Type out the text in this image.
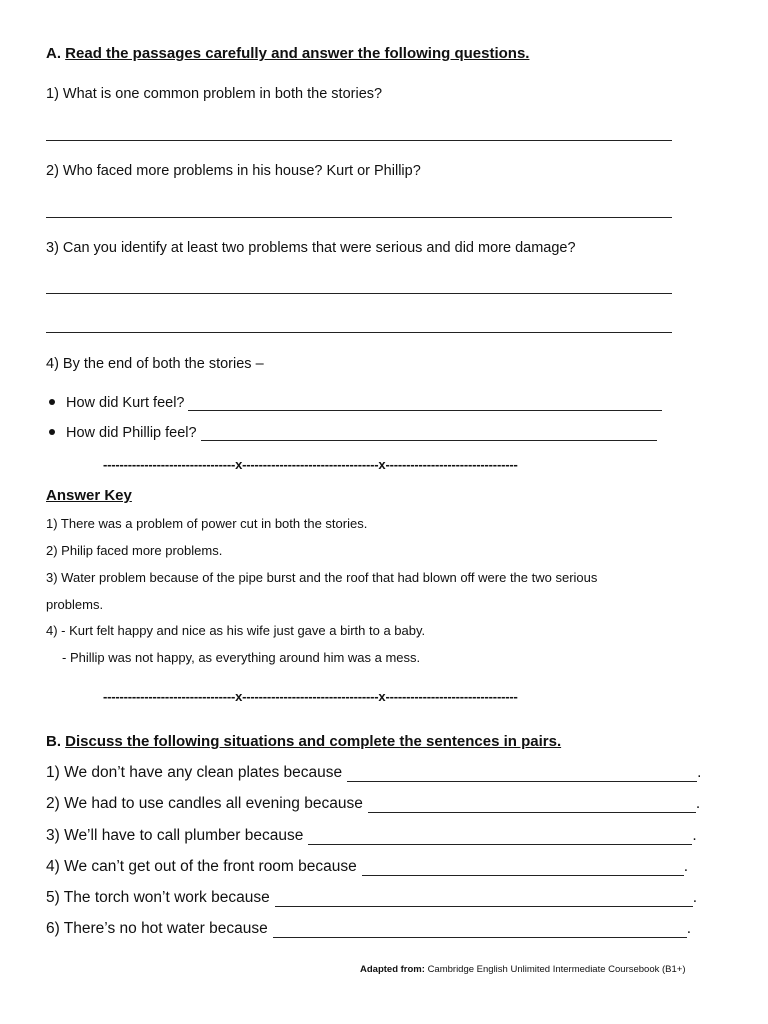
A. Read the passages carefully and answer the following questions.
1) What is one common problem in both the stories?
2) Who faced more problems in his house? Kurt or Phillip?
3) Can you identify at least two problems that were serious and did more damage?
4) By the end of both the stories –
How did Kurt feel?
How did Phillip feel?
--------------------------------x---------------------------------x--------------------------------
Answer Key
1) There was a problem of power cut in both the stories.
2) Philip faced more problems.
3) Water problem because of the pipe burst and the roof that had blown off were the two serious
problems.
4) - Kurt felt happy and nice as his wife just gave a birth to a baby.
- Phillip was not happy, as everything around him was a mess.
--------------------------------x---------------------------------x--------------------------------
B. Discuss the following situations and complete the sentences in pairs.
1) We don’t have any clean plates because	.
2) We had to use candles all evening because	.
3) We’ll have to call plumber because	.
4) We can’t get out of the front room because	.
5) The torch won’t work because	.
6) There’s no hot water because	.
Adapted from: Cambridge English Unlimited Intermediate Coursebook (B1+)
